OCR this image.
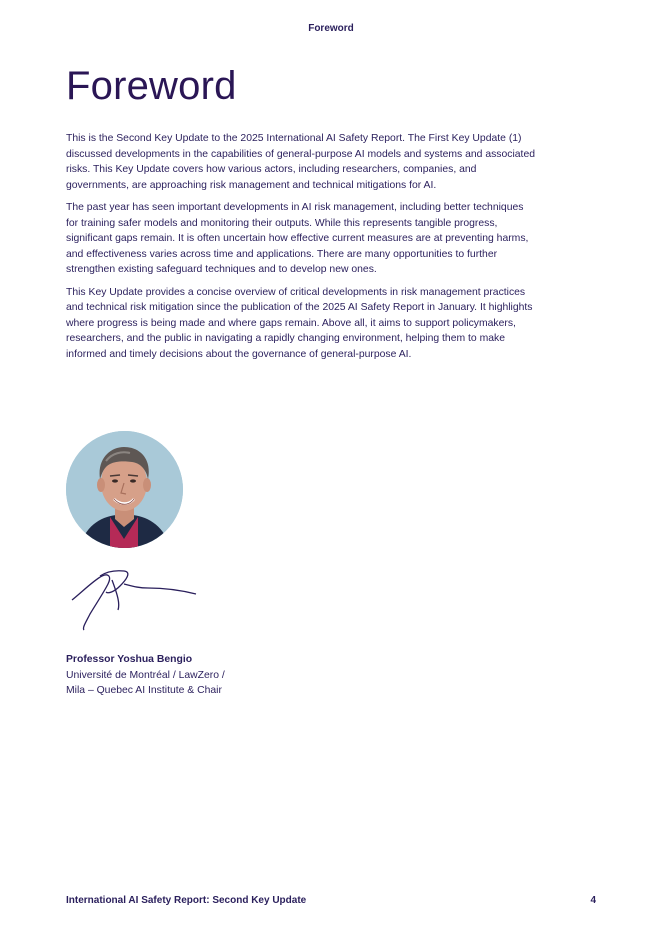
Foreword
Foreword

This is the Second Key Update to the 2025 International AI Safety Report. The First Key Update (1) discussed developments in the capabilities of general-purpose AI models and systems and associated risks. This Key Update covers how various actors, including researchers, companies, and governments, are approaching risk management and technical mitigations for AI.

The past year has seen important developments in AI risk management, including better techniques for training safer models and monitoring their outputs. While this represents tangible progress, significant gaps remain. It is often uncertain how effective current measures are at preventing harms, and effectiveness varies across time and applications. There are many opportunities to further strengthen existing safeguard techniques and to develop new ones.

This Key Update provides a concise overview of critical developments in risk management practices and technical risk mitigation since the publication of the 2025 AI Safety Report in January. It highlights where progress is being made and where gaps remain. Above all, it aims to support policymakers, researchers, and the public in navigating a rapidly changing environment, helping them to make informed and timely decisions about the governance of general-purpose AI.

Professor Yoshua Bengio
Université de Montréal / LawZero /
Mila – Quebec AI Institute & Chair
International AI Safety Report: Second Key Update	4
